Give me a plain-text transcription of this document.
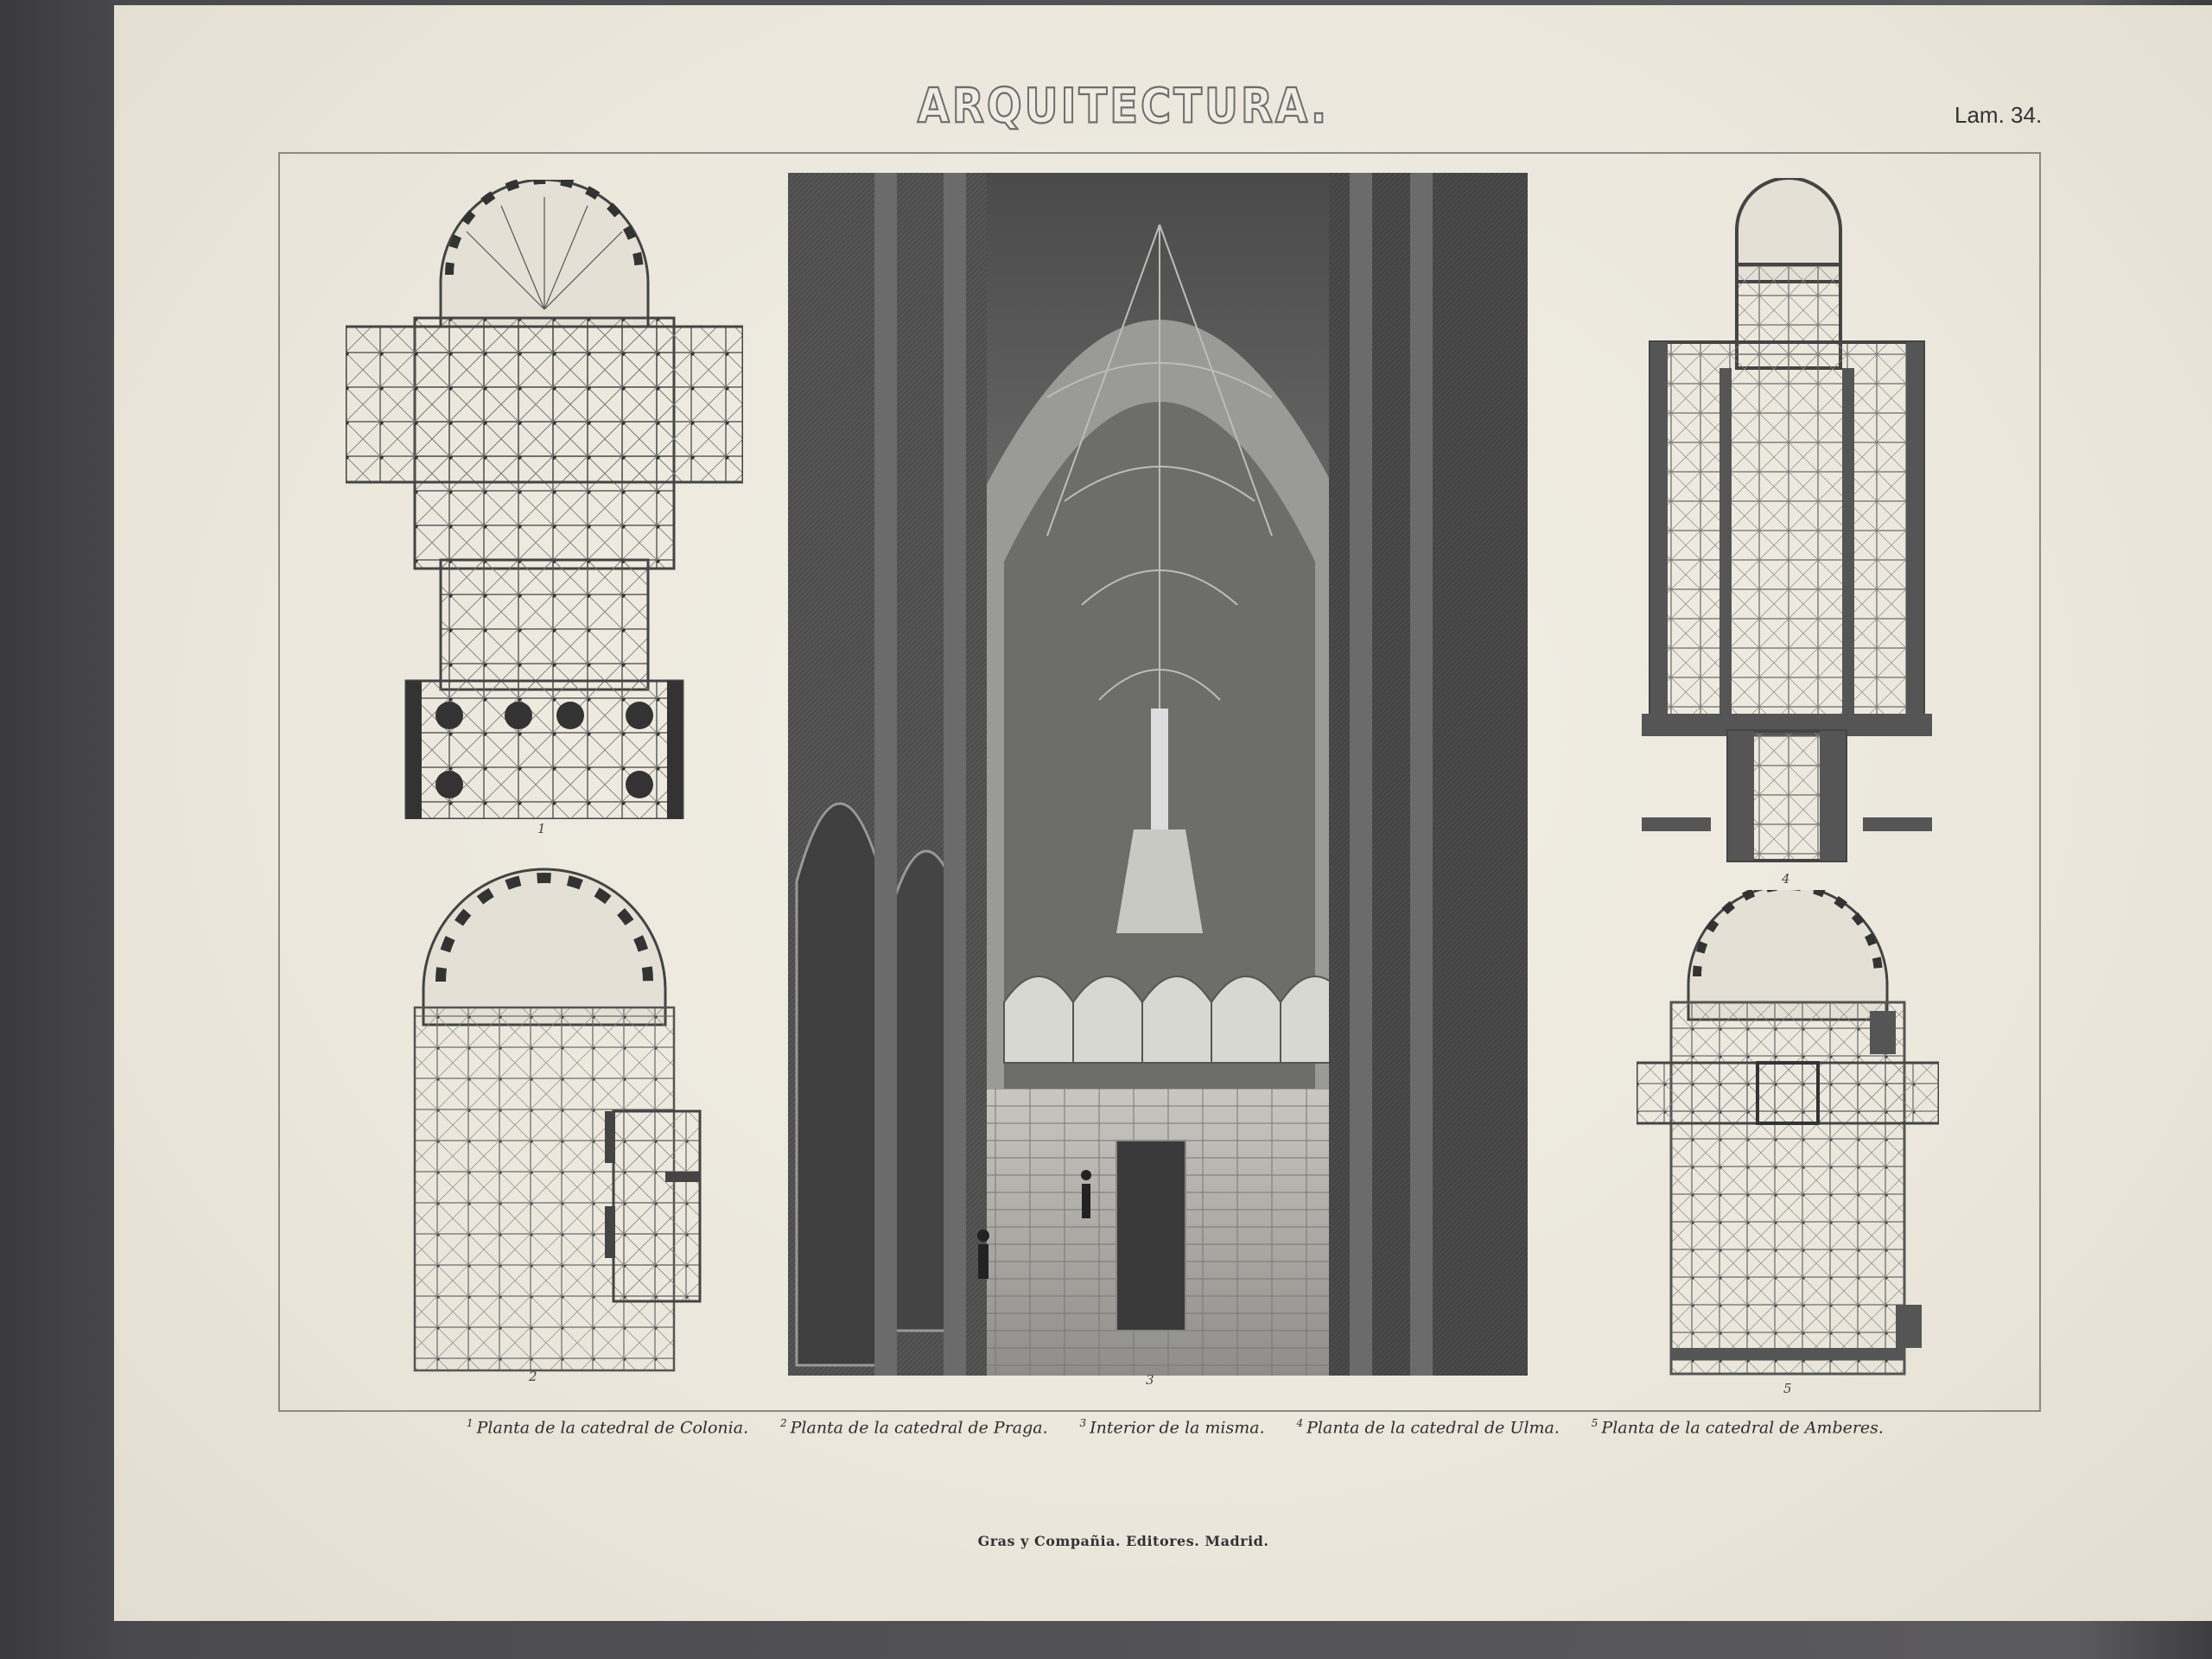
ARQUITECTURA.	Lam. 34.
1
2	3
4
5
$^1$ Planta de la catedral de Colonia.	$^2$ Planta de la catedral de Praga.	$^3$ Interior de la misma.	$^4$ Planta de la catedral de Ulma.	$^5$ Planta de la catedral de Amberes.
Gras y Compañia. Editores. Madrid.
